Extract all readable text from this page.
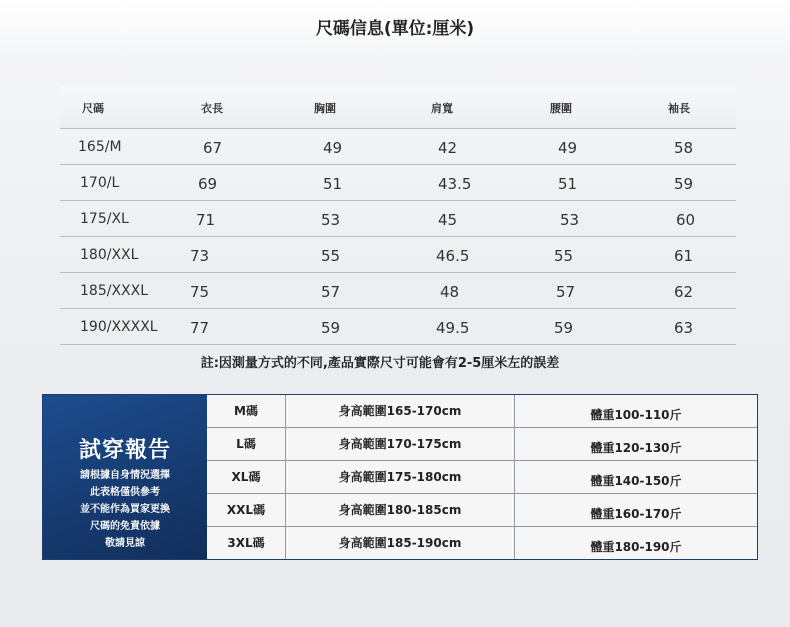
尺碼信息(單位:厘米)
尺碼	衣長	胸圍	肩寬	腰圍	袖長
165/M	67	49	42	49	58
170/L	69	51	43.5	51	59
175/XL	71	53	45	53	60
180/XXL	73	55	46.5	55	61
185/XXXL	75	57	48	57	62
190/XXXXL 77	59	49.5	59	63
註:因測量方式的不同,產品實際尺寸可能會有2-5厘米左的誤差
試穿報告
請根據自身情況選擇
此表格僅供參考
並不能作為買家更換
尺碼的免責依據
敬請見諒
M碼	身高範圍165-170cm	體重100-110斤
L碼	身高範圍170-175cm	體重120-130斤
XL碼	身高範圍175-180cm	體重140-150斤
XXL碼	身高範圍180-185cm	體重160-170斤
3XL碼	身高範圍185-190cm	體重180-190斤
